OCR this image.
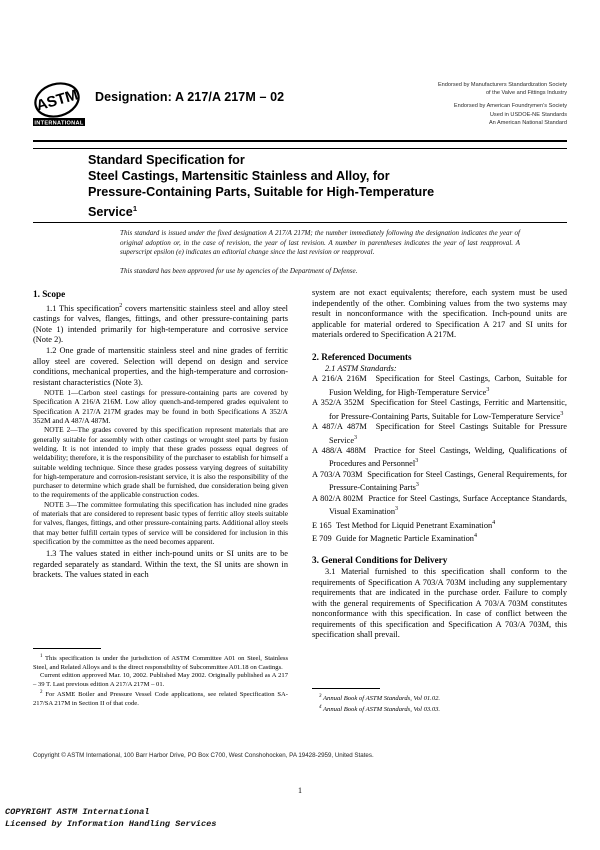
ASTM
INTERNATIONAL
Designation: A 217/A 217M – 02
Endorsed by Manufacturers Standardization Society
of the Valve and Fittings Industry
Endorsed by American Foundrymen’s Society
Used in USDOE-NE Standards
An American National Standard
Standard Specification for
Steel Castings, Martensitic Stainless and Alloy, for
Pressure-Containing Parts, Suitable for High-Temperature
Service$^1$

This standard is issued under the fixed designation A 217/A 217M; the number immediately following the designation indicates the year of original adoption or, in the case of revision, the year of last revision. A number in parentheses indicates the year of last reapproval. A superscript epsilon (e) indicates an editorial change since the last revision or reapproval.

This standard has been approved for use by agencies of the Department of Defense.

1. Scope

1.1 This specification$^2$ covers martensitic stainless steel and alloy steel castings for valves, flanges, fittings, and other pressure-containing parts (Note 1) intended primarily for high-temperature and corrosive service (Note 2).

1.2 One grade of martensitic stainless steel and nine grades of ferritic alloy steel are covered. Selection will depend on design and service conditions, mechanical properties, and the high-temperature and corrosion-resistant characteristics (Note 3).

NOTE 1—Carbon steel castings for pressure-containing parts are covered by Specification A 216/A 216M. Low alloy quench-and-tempered grades equivalent to Specification A 217/A 217M grades may be found in both Specifications A 352/A 352M and A 487/A 487M.

NOTE 2—The grades covered by this specification represent materials that are generally suitable for assembly with other castings or wrought steel parts by fusion welding. It is not intended to imply that these grades possess equal degrees of weldability; therefore, it is the responsibility of the purchaser to establish for himself a suitable welding technique. Since these grades possess varying degrees of suitability for high-temperature and corrosion-resistant service, it is also the responsibility of the purchaser to determine which grade shall be furnished, due consideration being given to the requirements of the applicable construction codes.

NOTE 3—The committee formulating this specification has included nine grades of materials that are considered to represent basic types of ferritic alloy steels suitable for valves, flanges, fittings, and other pressure-containing parts. Additional alloy steels that may better fulfill certain types of service will be considered for inclusion in this specification by the committee as the need becomes apparent.

1.3 The values stated in either inch-pound units or SI units are to be regarded separately as standard. Within the text, the SI units are shown in brackets. The values stated in each

$^1$ This specification is under the jurisdiction of ASTM Committee A01 on Steel, Stainless Steel, and Related Alloys and is the direct responsibility of Subcommittee A01.18 on Castings.

Current edition approved Mar. 10, 2002. Published May 2002. Originally published as A 217 – 39 T. Last previous edition A 217/A 217M – 01.

$^2$ For ASME Boiler and Pressure Vessel Code applications, see related Specification SA-217/SA 217M in Section II of that code.

system are not exact equivalents; therefore, each system must be used independently of the other. Combining values from the two systems may result in nonconformance with the specification. Inch-pound units are applicable for material ordered to Specification A 217 and SI units for materials ordered to Specification A 217M.

2. Referenced Documents

2.1 ASTM Standards:

A 216/A 216M Specification for Steel Castings, Carbon, Suitable for Fusion Welding, for High-Temperature Service$^3$

A 352/A 352M Specification for Steel Castings, Ferritic and Martensitic, for Pressure-Containing Parts, Suitable for Low-Temperature Service$^3$

A 487/A 487M Specification for Steel Castings Suitable for Pressure Service$^3$

A 488/A 488M Practice for Steel Castings, Welding, Qualifications of Procedures and Personnel$^3$

A 703/A 703M Specification for Steel Castings, General Requirements, for Pressure-Containing Parts$^3$

A 802/A 802M Practice for Steel Castings, Surface Acceptance Standards, Visual Examination$^3$

E 165 Test Method for Liquid Penetrant Examination$^4$

E 709 Guide for Magnetic Particle Examination$^4$

3. General Conditions for Delivery

3.1 Material furnished to this specification shall conform to the requirements of Specification A 703/A 703M including any supplementary requirements that are indicated in the purchase order. Failure to comply with the general requirements of Specification A 703/A 703M constitutes nonconformance with this specification. In case of conflict between the requirements of this specification and Specification A 703/A 703M, this specification shall prevail.

$^3$ Annual Book of ASTM Standards, Vol 01.02.

$^4$ Annual Book of ASTM Standards, Vol 03.03.

Copyright © ASTM International, 100 Barr Harbor Drive, PO Box C700, West Conshohocken, PA 19428-2959, United States.
1
COPYRIGHT ASTM International
Licensed by Information Handling Services
